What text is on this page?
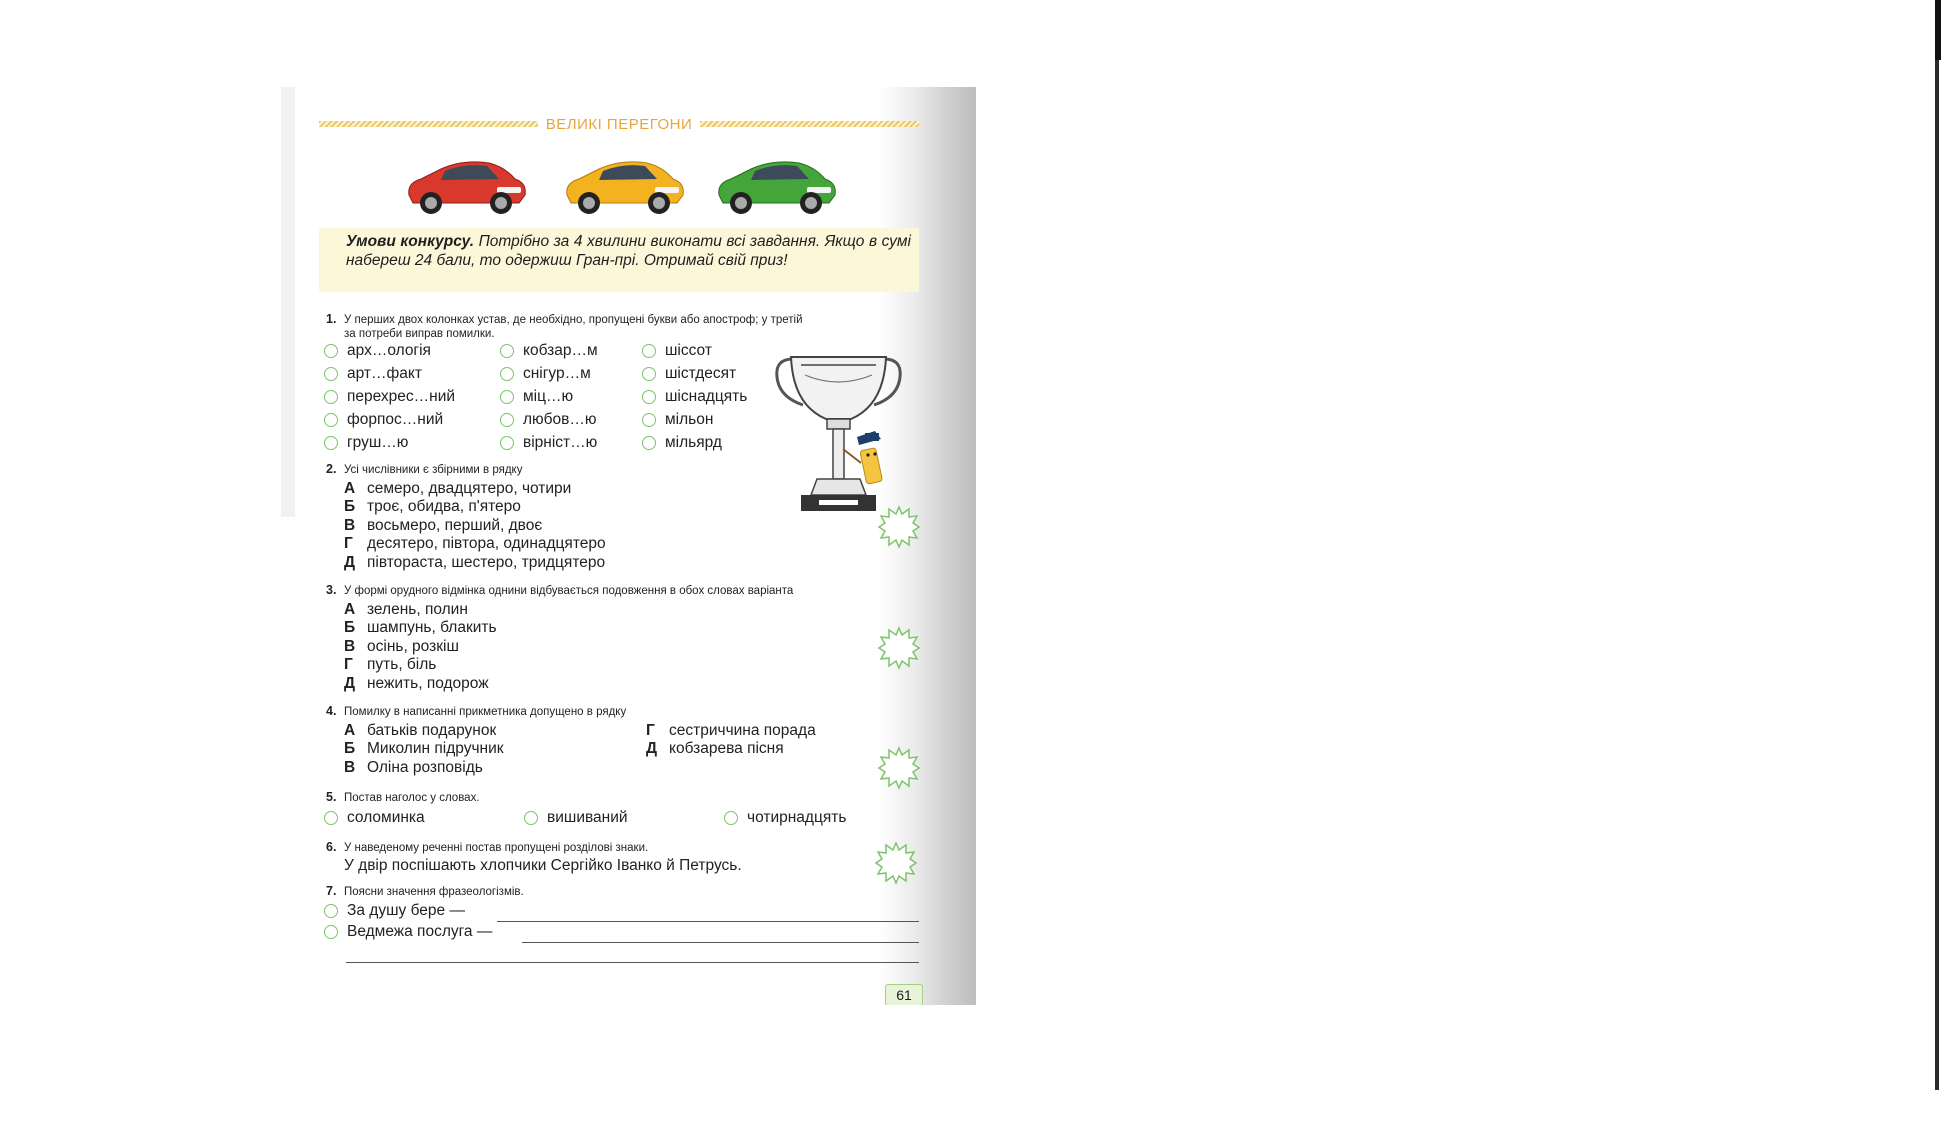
ВЕЛИКІ ПЕРЕГОНИ
Умови конкурсу. Потрібно за 4 хвилини виконати всі завдання. Якщо в сумі набереш 24 бали, то одержиш Гран-прі. Отримай свій приз!
1. У перших двох колонках устав, де необхідно, пропущені букви або апостроф; у третій
за потреби виправ помилки.
арх…ологія
арт…факт
перехрес…ний
форпос…ний
груш…ю
кобзар…м
снігур…м
міц…ю
любов…ю
вірніст…ю
шіссот
шістдесят
шіснадцять
мільон
мільярд
2. Усі числівники є збірними в рядку
А семеро, двадцятеро, чотири
Б троє, обидва, п'ятеро
В восьмеро, перший, двоє
Г десятеро, півтора, одинадцятеро
Д півтораста, шестеро, тридцятеро
3. У формі орудного відмінка однини відбувається подовження в обох словах варіанта
А зелень, полин
Б шампунь, блакить
В осінь, розкіш
Г путь, біль
Д нежить, подорож
4. Помилку в написанні прикметника допущено в рядку
А батьків подарунок
Б Миколин підручник
В Оліна розповідь
Г сестриччина порада
Д кобзарева пісня
5. Постав наголос у словах.
соломинка	вишиваний	чотирнадцять
6. У наведеному реченні постав пропущені розділові знаки.
У двір поспішають хлопчики Сергійко Іванко й Петрусь.
7. Поясни значення фразеологізмів.
За душу бере —
Ведмежа послуга —
61
